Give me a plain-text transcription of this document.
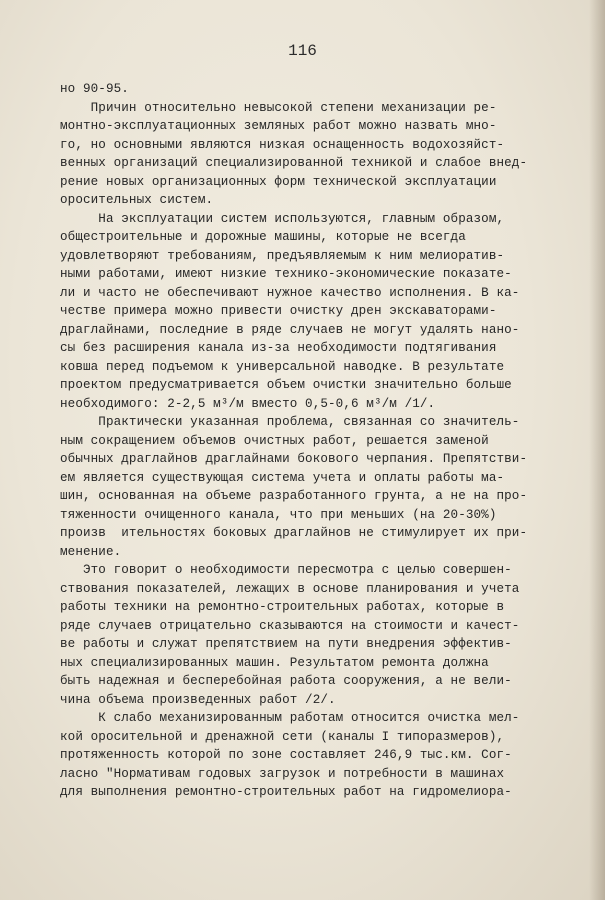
116
но 90-95.
Причин относительно невысокой степени механизации ре-
монтно-эксплуатационных земляных работ можно назвать мно-
го, но основными являются низкая оснащенность водохозяйст-
венных организаций специализированной техникой и слабое внед-
рение новых организационных форм технической эксплуатации
оросительных систем.
На эксплуатации систем используются, главным образом,
общестроительные и дорожные машины, которые не всегда
удовлетворяют требованиям, предъявляемым к ним мелиоратив-
ными работами, имеют низкие технико-экономические показате-
ли и часто не обеспечивают нужное качество исполнения. В ка-
честве примера можно привести очистку дрен экскаваторами-
драглайнами, последние в ряде случаев не могут удалять нано-
сы без расширения канала из-за необходимости подтягивания
ковша перед подъемом к универсальной наводке. В результате
проектом предусматривается объем очистки значительно больше
необходимого: 2-2,5 м³/м вместо 0,5-0,6 м³/м /1/.
Практически указанная проблема, связанная со значитель-
ным сокращением объемов очистных работ, решается заменой
обычных драглайнов драглайнами бокового черпания. Препятстви-
ем является существующая система учета и оплаты работы ма-
шин, основанная на объеме разработанного грунта, а не на про-
тяженности очищенного канала, что при меньших (на 20-30%)
произв  ительностях боковых драглайнов не стимулирует их при-
менение.
Это говорит о необходимости пересмотра с целью совершен-
ствования показателей, лежащих в основе планирования и учета
работы техники на ремонтно-строительных работах, которые в
ряде случаев отрицательно сказываются на стоимости и качест-
ве работы и служат препятствием на пути внедрения эффектив-
ных специализированных машин. Результатом ремонта должна
быть надежная и бесперебойная работа сооружения, а не вели-
чина объема произведенных работ /2/.
К слабо механизированным работам относится очистка мел-
кой оросительной и дренажной сети (каналы I типоразмеров),
протяженность которой по зоне составляет 246,9 тыс.км. Сог-
ласно "Нормативам годовых загрузок и потребности в машинах
для выполнения ремонтно-строительных работ на гидромелиора-
